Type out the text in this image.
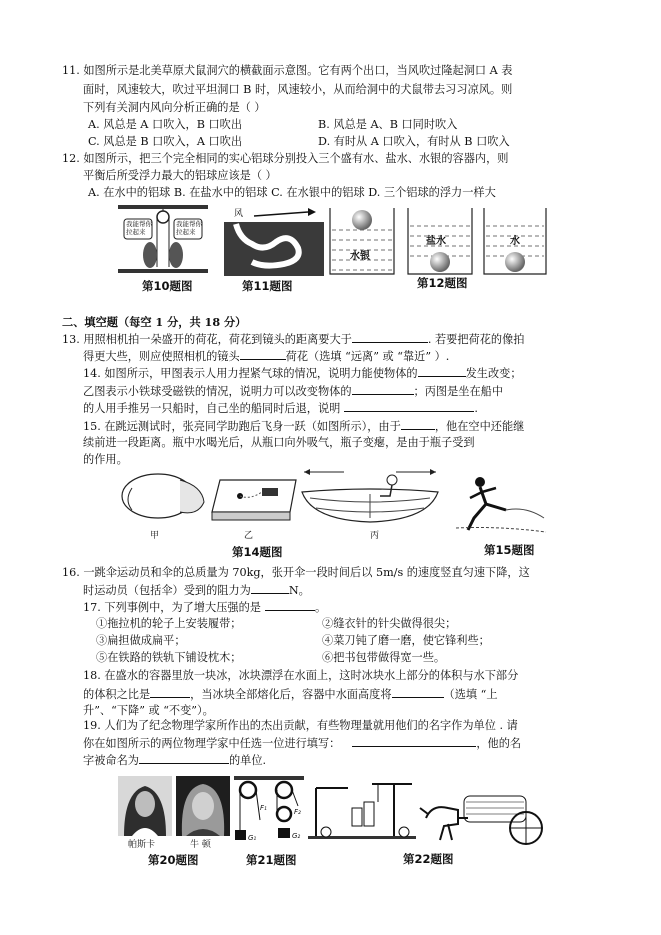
11. 如图所示是北美草原犬鼠洞穴的横截面示意图。它有两个出口，当风吹过隆起洞口 A 表
面时，风速较大，吹过平坦洞口 B 时，风速较小，从而给洞中的犬鼠带去习习凉风。则
下列有关洞内风向分析正确的是（ ）
A. 风总是 A 口吹入，B 口吹出	B. 风总是 A、B 口同时吹入
C. 风总是 B 口吹入，A 口吹出	D. 有时从 A 口吹入，有时从 B 口吹入
12. 如图所示，把三个完全相同的实心铝球分别投入三个盛有水、盐水、水银的容器内，则
平衡后所受浮力最大的铝球应该是（ ）
A. 在水中的铝球 B. 在盐水中的铝球 C. 在水银中的铝球 D. 三个铝球的浮力一样大
我能帮你拉起来
我能帮你拉起来
第10题图
风
第11题图
水银
盐水	水
第12题图
二、填空题（每空 1 分，共 18 分）
13. 用照相机拍一朵盛开的荷花，荷花到镜头的距离要大于	. 若要把荷花的像拍
得更大些，则应使照相机的镜头	荷花（选填 “远离” 或 “靠近” ）.
14. 如图所示，甲图表示人用力捏紧气球的情况，说明力能使物体的	发生改变；
乙图表示小铁球受磁铁的情况，说明力可以改变物体的	；丙图是坐在船中
的人用手推另一只船时，自己坐的船同时后退，说明	.
15. 在跳远测试时，张亮同学助跑后飞身一跃（如图所示），由于	，他在空中还能继
续前进一段距离。瓶中水喝光后，从瓶口向外吸气，瓶子变瘪，是由于瓶子受到
的作用。
甲	乙	丙
第14题图	第15题图
16. 一跳伞运动员和伞的总质量为 70kg，张开伞一段时间后以 5m/s 的速度竖直匀速下降，这
时运动员（包括伞）受到的阻力为	N。
17. 下列事例中，为了增大压强的是	。
①拖拉机的轮子上安装履带；	②缝衣针的针尖做得很尖；
③扁担做成扁平；	④菜刀钝了磨一磨，使它锋利些；
⑤在铁路的铁轨下铺设枕木；	⑥把书包带做得宽一些。
18. 在盛水的容器里放一块冰，冰块漂浮在水面上，这时冰块水上部分的体积与水下部分
的体积之比是	，当冰块全部熔化后，容器中水面高度将	（选填 “上
升”、“下降” 或 “不变”）。
19. 人们为了纪念物理学家所作出的杰出贡献，有些物理量就用他们的名字作为单位 . 请
你在如图所示的两位物理学家中任选一位进行填写：	，他的名
字被命名为	的单位.
帕斯卡	牛 顿
第20题图
F₁	F₂
G₁	G₂
第21题图	第22题图
